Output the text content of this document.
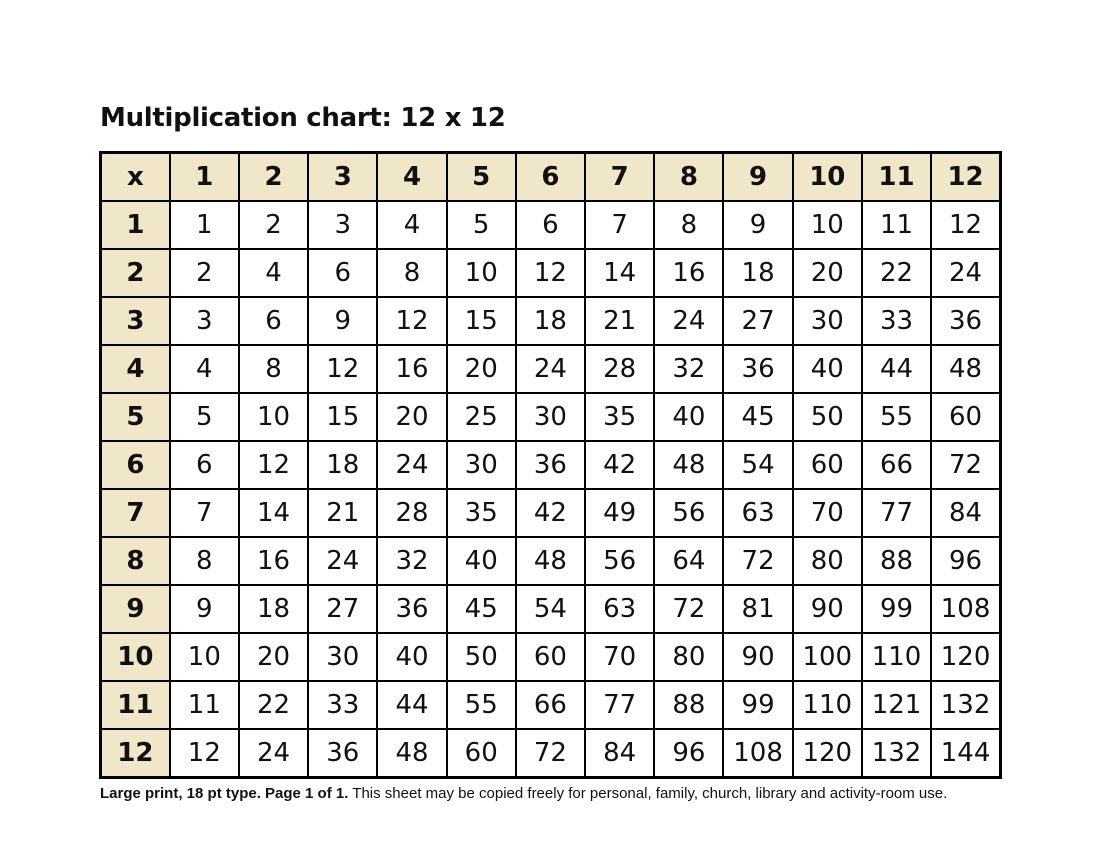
Multiplication chart: 12 x 12
x	1	2	3	4	5	6	7	8	9	10	11	12
1	1	2	3	4	5	6	7	8	9	10	11	12
2	2	4	6	8	10	12	14	16	18	20	22	24
3	3	6	9	12	15	18	21	24	27	30	33	36
4	4	8	12	16	20	24	28	32	36	40	44	48
5	5	10	15	20	25	30	35	40	45	50	55	60
6	6	12	18	24	30	36	42	48	54	60	66	72
7	7	14	21	28	35	42	49	56	63	70	77	84
8	8	16	24	32	40	48	56	64	72	80	88	96
9	9	18	27	36	45	54	63	72	81	90	99	108
10	10	20	30	40	50	60	70	80	90	100	110	120
11	11	22	33	44	55	66	77	88	99	110	121	132
12	12	24	36	48	60	72	84	96	108	120	132	144

Large print, 18 pt type. Page 1 of 1. This sheet may be copied freely for personal, family, church, library and activity-room use.
